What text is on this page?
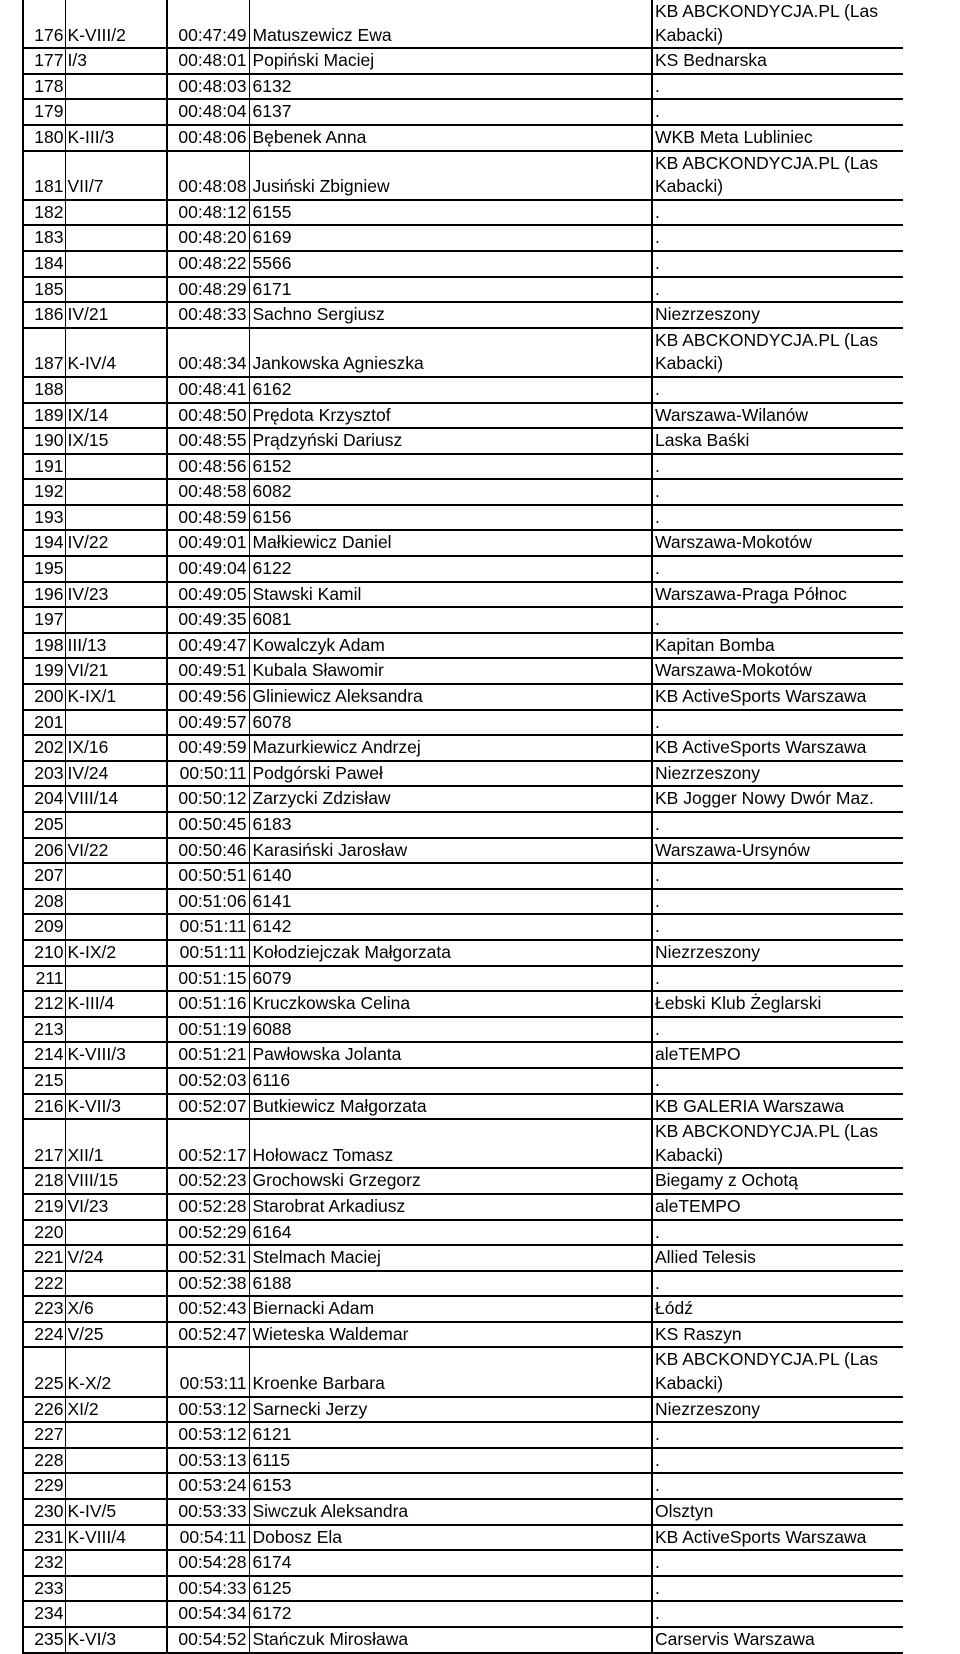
176	K-VIII/2	00:47:49	Matuszewicz Ewa	KB ABCKONDYCJA.PL (Las Kabacki)
177	I/3	00:48:01	Popiński Maciej	KS Bednarska
178		00:48:03	6132	.
179		00:48:04	6137	.
180	K-III/3	00:48:06	Bębenek Anna	WKB Meta Lubliniec
181	VII/7	00:48:08	Jusiński Zbigniew	KB ABCKONDYCJA.PL (Las Kabacki)
182		00:48:12	6155	.
183		00:48:20	6169	.
184		00:48:22	5566	.
185		00:48:29	6171	.
186	IV/21	00:48:33	Sachno Sergiusz	Niezrzeszony
187	K-IV/4	00:48:34	Jankowska Agnieszka	KB ABCKONDYCJA.PL (Las Kabacki)
188		00:48:41	6162	.
189	IX/14	00:48:50	Prędota Krzysztof	Warszawa-Wilanów
190	IX/15	00:48:55	Prądzyński Dariusz	Laska Baśki
191		00:48:56	6152	.
192		00:48:58	6082	.
193		00:48:59	6156	.
194	IV/22	00:49:01	Małkiewicz Daniel	Warszawa-Mokotów
195		00:49:04	6122	.
196	IV/23	00:49:05	Stawski Kamil	Warszawa-Praga Północ
197		00:49:35	6081	.
198	III/13	00:49:47	Kowalczyk Adam	Kapitan Bomba
199	VI/21	00:49:51	Kubala Sławomir	Warszawa-Mokotów
200	K-IX/1	00:49:56	Gliniewicz Aleksandra	KB ActiveSports Warszawa
201		00:49:57	6078	.
202	IX/16	00:49:59	Mazurkiewicz Andrzej	KB ActiveSports Warszawa
203	IV/24	00:50:11	Podgórski Paweł	Niezrzeszony
204	VIII/14	00:50:12	Zarzycki Zdzisław	KB Jogger Nowy Dwór Maz.
205		00:50:45	6183	.
206	VI/22	00:50:46	Karasiński Jarosław	Warszawa-Ursynów
207		00:50:51	6140	.
208		00:51:06	6141	.
209		00:51:11	6142	.
210	K-IX/2	00:51:11	Kołodziejczak Małgorzata	Niezrzeszony
211		00:51:15	6079	.
212	K-III/4	00:51:16	Kruczkowska Celina	Łebski Klub Żeglarski
213		00:51:19	6088	.
214	K-VIII/3	00:51:21	Pawłowska Jolanta	aleTEMPO
215		00:52:03	6116	.
216	K-VII/3	00:52:07	Butkiewicz Małgorzata	KB GALERIA Warszawa
217	XII/1	00:52:17	Hołowacz Tomasz	KB ABCKONDYCJA.PL (Las Kabacki)
218	VIII/15	00:52:23	Grochowski Grzegorz	Biegamy z Ochotą
219	VI/23	00:52:28	Starobrat Arkadiusz	aleTEMPO
220		00:52:29	6164	.
221	V/24	00:52:31	Stelmach Maciej	Allied Telesis
222		00:52:38	6188	.
223	X/6	00:52:43	Biernacki Adam	Łódź
224	V/25	00:52:47	Wieteska Waldemar	KS Raszyn
225	K-X/2	00:53:11	Kroenke Barbara	KB ABCKONDYCJA.PL (Las Kabacki)
226	XI/2	00:53:12	Sarnecki Jerzy	Niezrzeszony
227		00:53:12	6121	.
228		00:53:13	6115	.
229		00:53:24	6153	.
230	K-IV/5	00:53:33	Siwczuk Aleksandra	Olsztyn
231	K-VIII/4	00:54:11	Dobosz Ela	KB ActiveSports Warszawa
232		00:54:28	6174	.
233		00:54:33	6125	.
234		00:54:34	6172	.
235	K-VI/3	00:54:52	Stańczuk Mirosława	Carservis Warszawa
